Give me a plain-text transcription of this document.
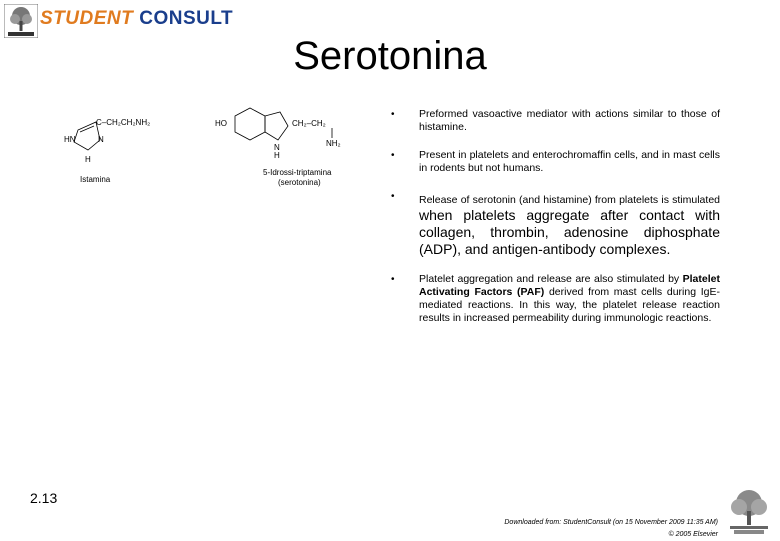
STUDENT CONSULT
Serotonina
C–CH₂CH₂NH₂
HN	N
H
Istamina
HO	CH₂–CH₂
NH₂
N
H
5-Idrossi-triptamina
(serotonina)
• Preformed vasoactive mediator with actions similar to those of histamine.
• Present in platelets and enterochromaffin cells, and in mast cells in rodents but not humans.
• Release of serotonin (and histamine) from platelets is stimulated when platelets aggregate after contact with collagen, thrombin, adenosine diphosphate (ADP), and antigen-antibody complexes.
• Platelet aggregation and release are also stimulated by Platelet Activating Factors (PAF) derived from mast cells during IgE-mediated reactions. In this way, the platelet release reaction results in increased permeability during immunologic reactions.
2.13
Downloaded from: StudentConsult (on 15 November 2009 11:35 AM)
© 2005 Elsevier
